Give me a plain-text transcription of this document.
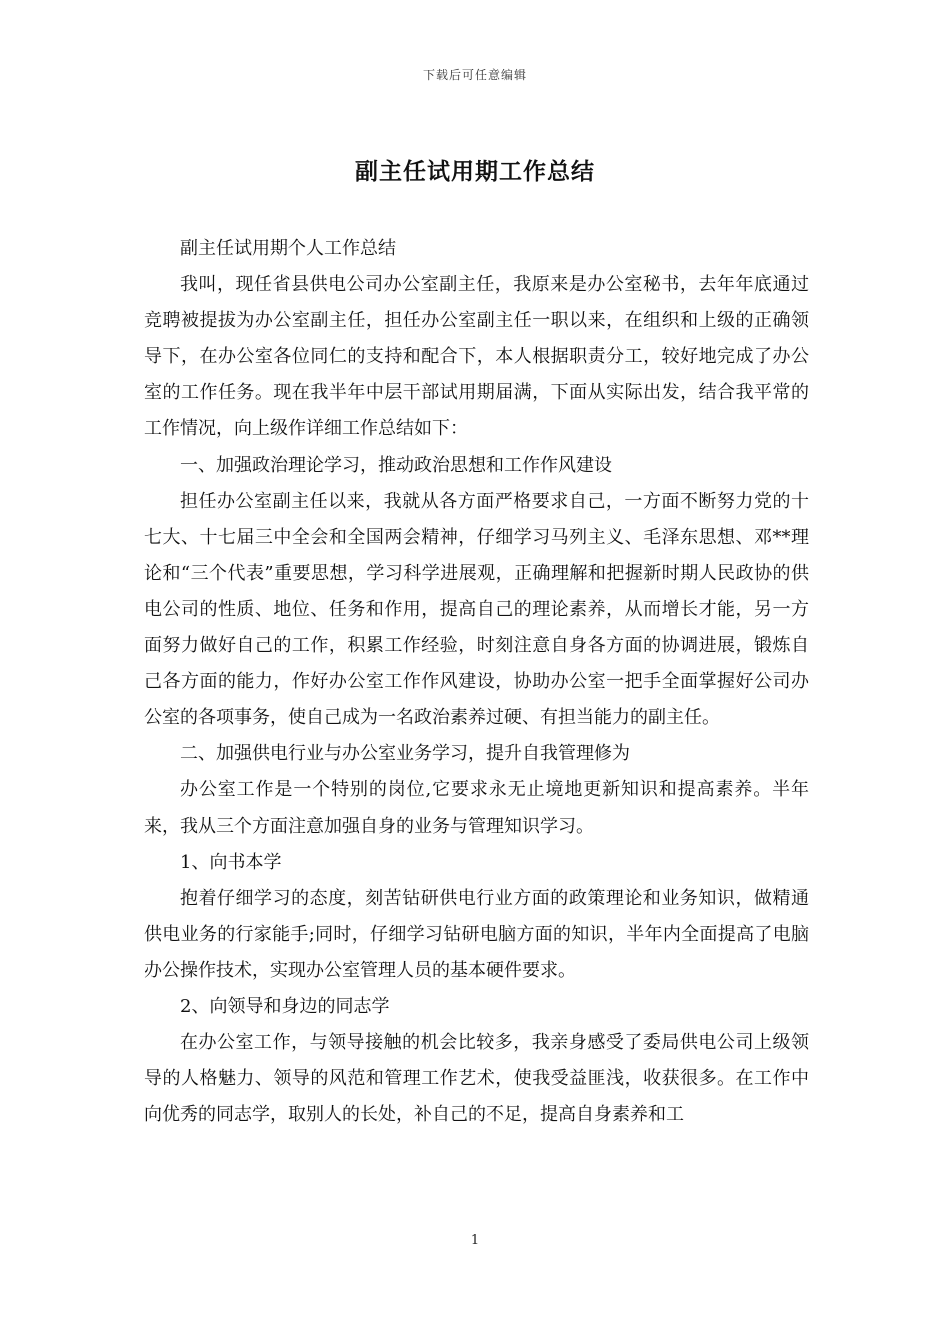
下载后可任意编辑
副主任试用期工作总结

副主任试用期个人工作总结

我叫，现任省县供电公司办公室副主任，我原来是办公室秘书，去年年底通过竞聘被提拔为办公室副主任，担任办公室副主任一职以来，在组织和上级的正确领导下，在办公室各位同仁的支持和配合下，本人根据职责分工，较好地完成了办公室的工作任务。现在我半年中层干部试用期届满，下面从实际出发，结合我平常的工作情况，向上级作详细工作总结如下：

一、加强政治理论学习，推动政治思想和工作作风建设

担任办公室副主任以来，我就从各方面严格要求自己，一方面不断努力党的十七大、十七届三中全会和全国两会精神，仔细学习马列主义、毛泽东思想、邓**理论和“三个代表”重要思想，学习科学进展观，正确理解和把握新时期人民政协的供电公司的性质、地位、任务和作用，提高自己的理论素养，从而增长才能，另一方面努力做好自己的工作，积累工作经验，时刻注意自身各方面的协调进展，锻炼自己各方面的能力，作好办公室工作作风建设，协助办公室一把手全面掌握好公司办公室的各项事务，使自己成为一名政治素养过硬、有担当能力的副主任。

二、加强供电行业与办公室业务学习，提升自我管理修为

办公室工作是一个特别的岗位,它要求永无止境地更新知识和提高素养。半年来，我从三个方面注意加强自身的业务与管理知识学习。

1、向书本学

抱着仔细学习的态度，刻苦钻研供电行业方面的政策理论和业务知识，做精通供电业务的行家能手;同时，仔细学习钻研电脑方面的知识，半年内全面提高了电脑办公操作技术，实现办公室管理人员的基本硬件要求。

2、向领导和身边的同志学

在办公室工作，与领导接触的机会比较多，我亲身感受了委局供电公司上级领导的人格魅力、领导的风范和管理工作艺术，使我受益匪浅，收获很多。在工作中向优秀的同志学，取别人的长处，补自己的不足，提高自身素养和工

1
